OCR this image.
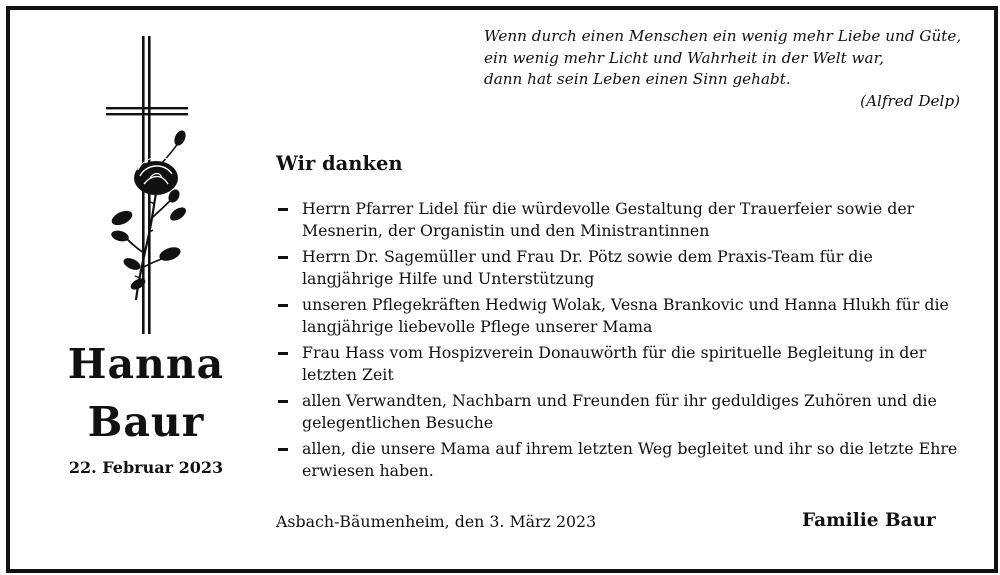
Hanna
Baur
22. Februar 2023

Wenn durch einen Menschen ein wenig mehr Liebe und Güte,

ein wenig mehr Licht und Wahrheit in der Welt war,

dann hat sein Leben einen Sinn gehabt.

(Alfred Delp)

Wir danken
Herrn Pfarrer Lidel für die würdevolle Gestaltung der Trauerfeier sowie der Mesnerin, der Organistin und den Ministrantinnen
Herrn Dr. Sagemüller und Frau Dr. Pötz sowie dem Praxis-Team für die langjährige Hilfe und Unterstützung
unseren Pflegekräften Hedwig Wolak, Vesna Brankovic und Hanna Hlukh für die langjährige liebevolle Pflege unserer Mama
Frau Hass vom Hospizverein Donauwörth für die spirituelle Begleitung in der letzten Zeit
allen Verwandten, Nachbarn und Freunden für ihr geduldiges Zuhören und die gelegentlichen Besuche
allen, die unsere Mama auf ihrem letzten Weg begleitet und ihr so die letzte Ehre erwiesen haben.
Asbach-Bäumenheim, den 3. März 2023	Familie Baur
